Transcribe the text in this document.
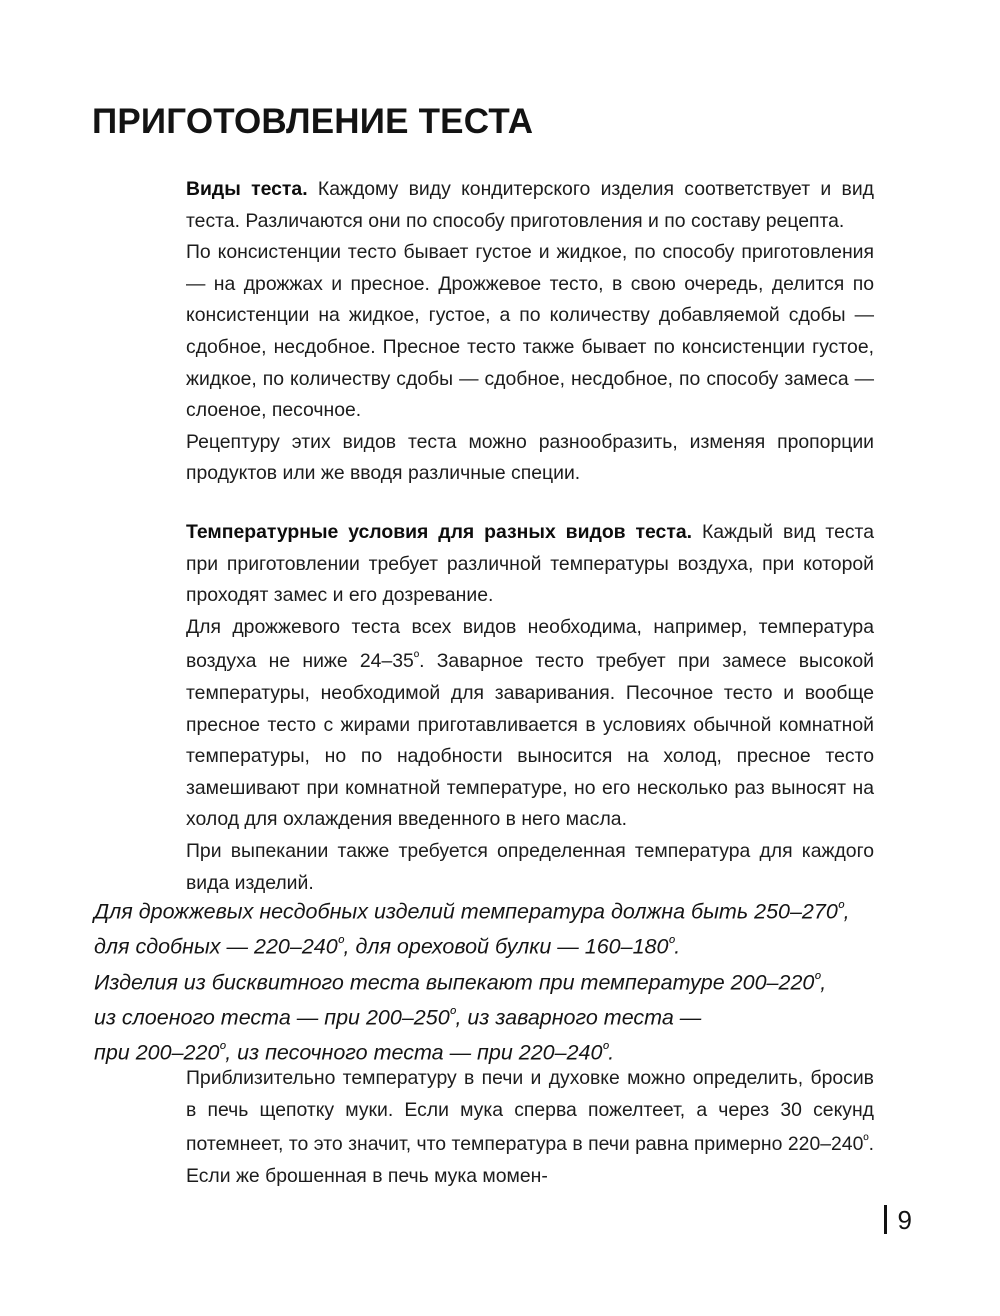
ПРИГОТОВЛЕНИЕ ТЕСТА

Виды теста. Каждому виду кондитерского изделия соответствует и вид теста. Различаются они по способу приготовления и по составу рецепта.

По консистенции тесто бывает густое и жидкое, по способу приготовления — на дрожжах и пресное. Дрожжевое тесто, в свою очередь, делится по консистенции на жидкое, густое, а по количеству добавляемой сдобы — сдобное, несдобное. Пресное тесто также бывает по консистенции густое, жидкое, по количеству сдобы — сдобное, несдобное, по способу замеса — слоеное, песочное.

Рецептуру этих видов теста можно разнообразить, изменяя пропорции продуктов или же вводя различные специи.

Температурные условия для разных видов теста. Каждый вид теста при приготовлении требует различной температуры воздуха, при которой проходят замес и его дозревание.

Для дрожжевого теста всех видов необходима, например, температура воздуха не ниже $24-35^º$. Заварное тесто требует при замесе высокой температуры, необходимой для заваривания. Песочное тесто и вообще пресное тесто с жирами приготавливается в условиях обычной комнатной температуры, но по надобности выносится на холод, пресное тесто замешивают при комнатной температуре, но его несколько раз выносят на холод для охлаждения введенного в него масла.

При выпекании также требуется определенная температура для каждого вида изделий.

Для дрожжевых несдобных изделий температура должна быть $250-270^º$,
для сдобных — $220-240^º$, для ореховой булки — $160-180^º$.
Изделия из бисквитного теста выпекают при температуре $200-220^º$,
из слоеного теста — при $200-250^º$, из заварного теста —
при $200-220^º$, из песочного теста — при $220-240^º$.

Приблизительно температуру в печи и духовке можно определить, бросив в печь щепотку муки. Если мука сперва пожелтеет, а через 30 секунд потемнеет, то это значит, что температура в печи равна примерно $220-240^º$. Если же брошенная в печь мука момен-

9
